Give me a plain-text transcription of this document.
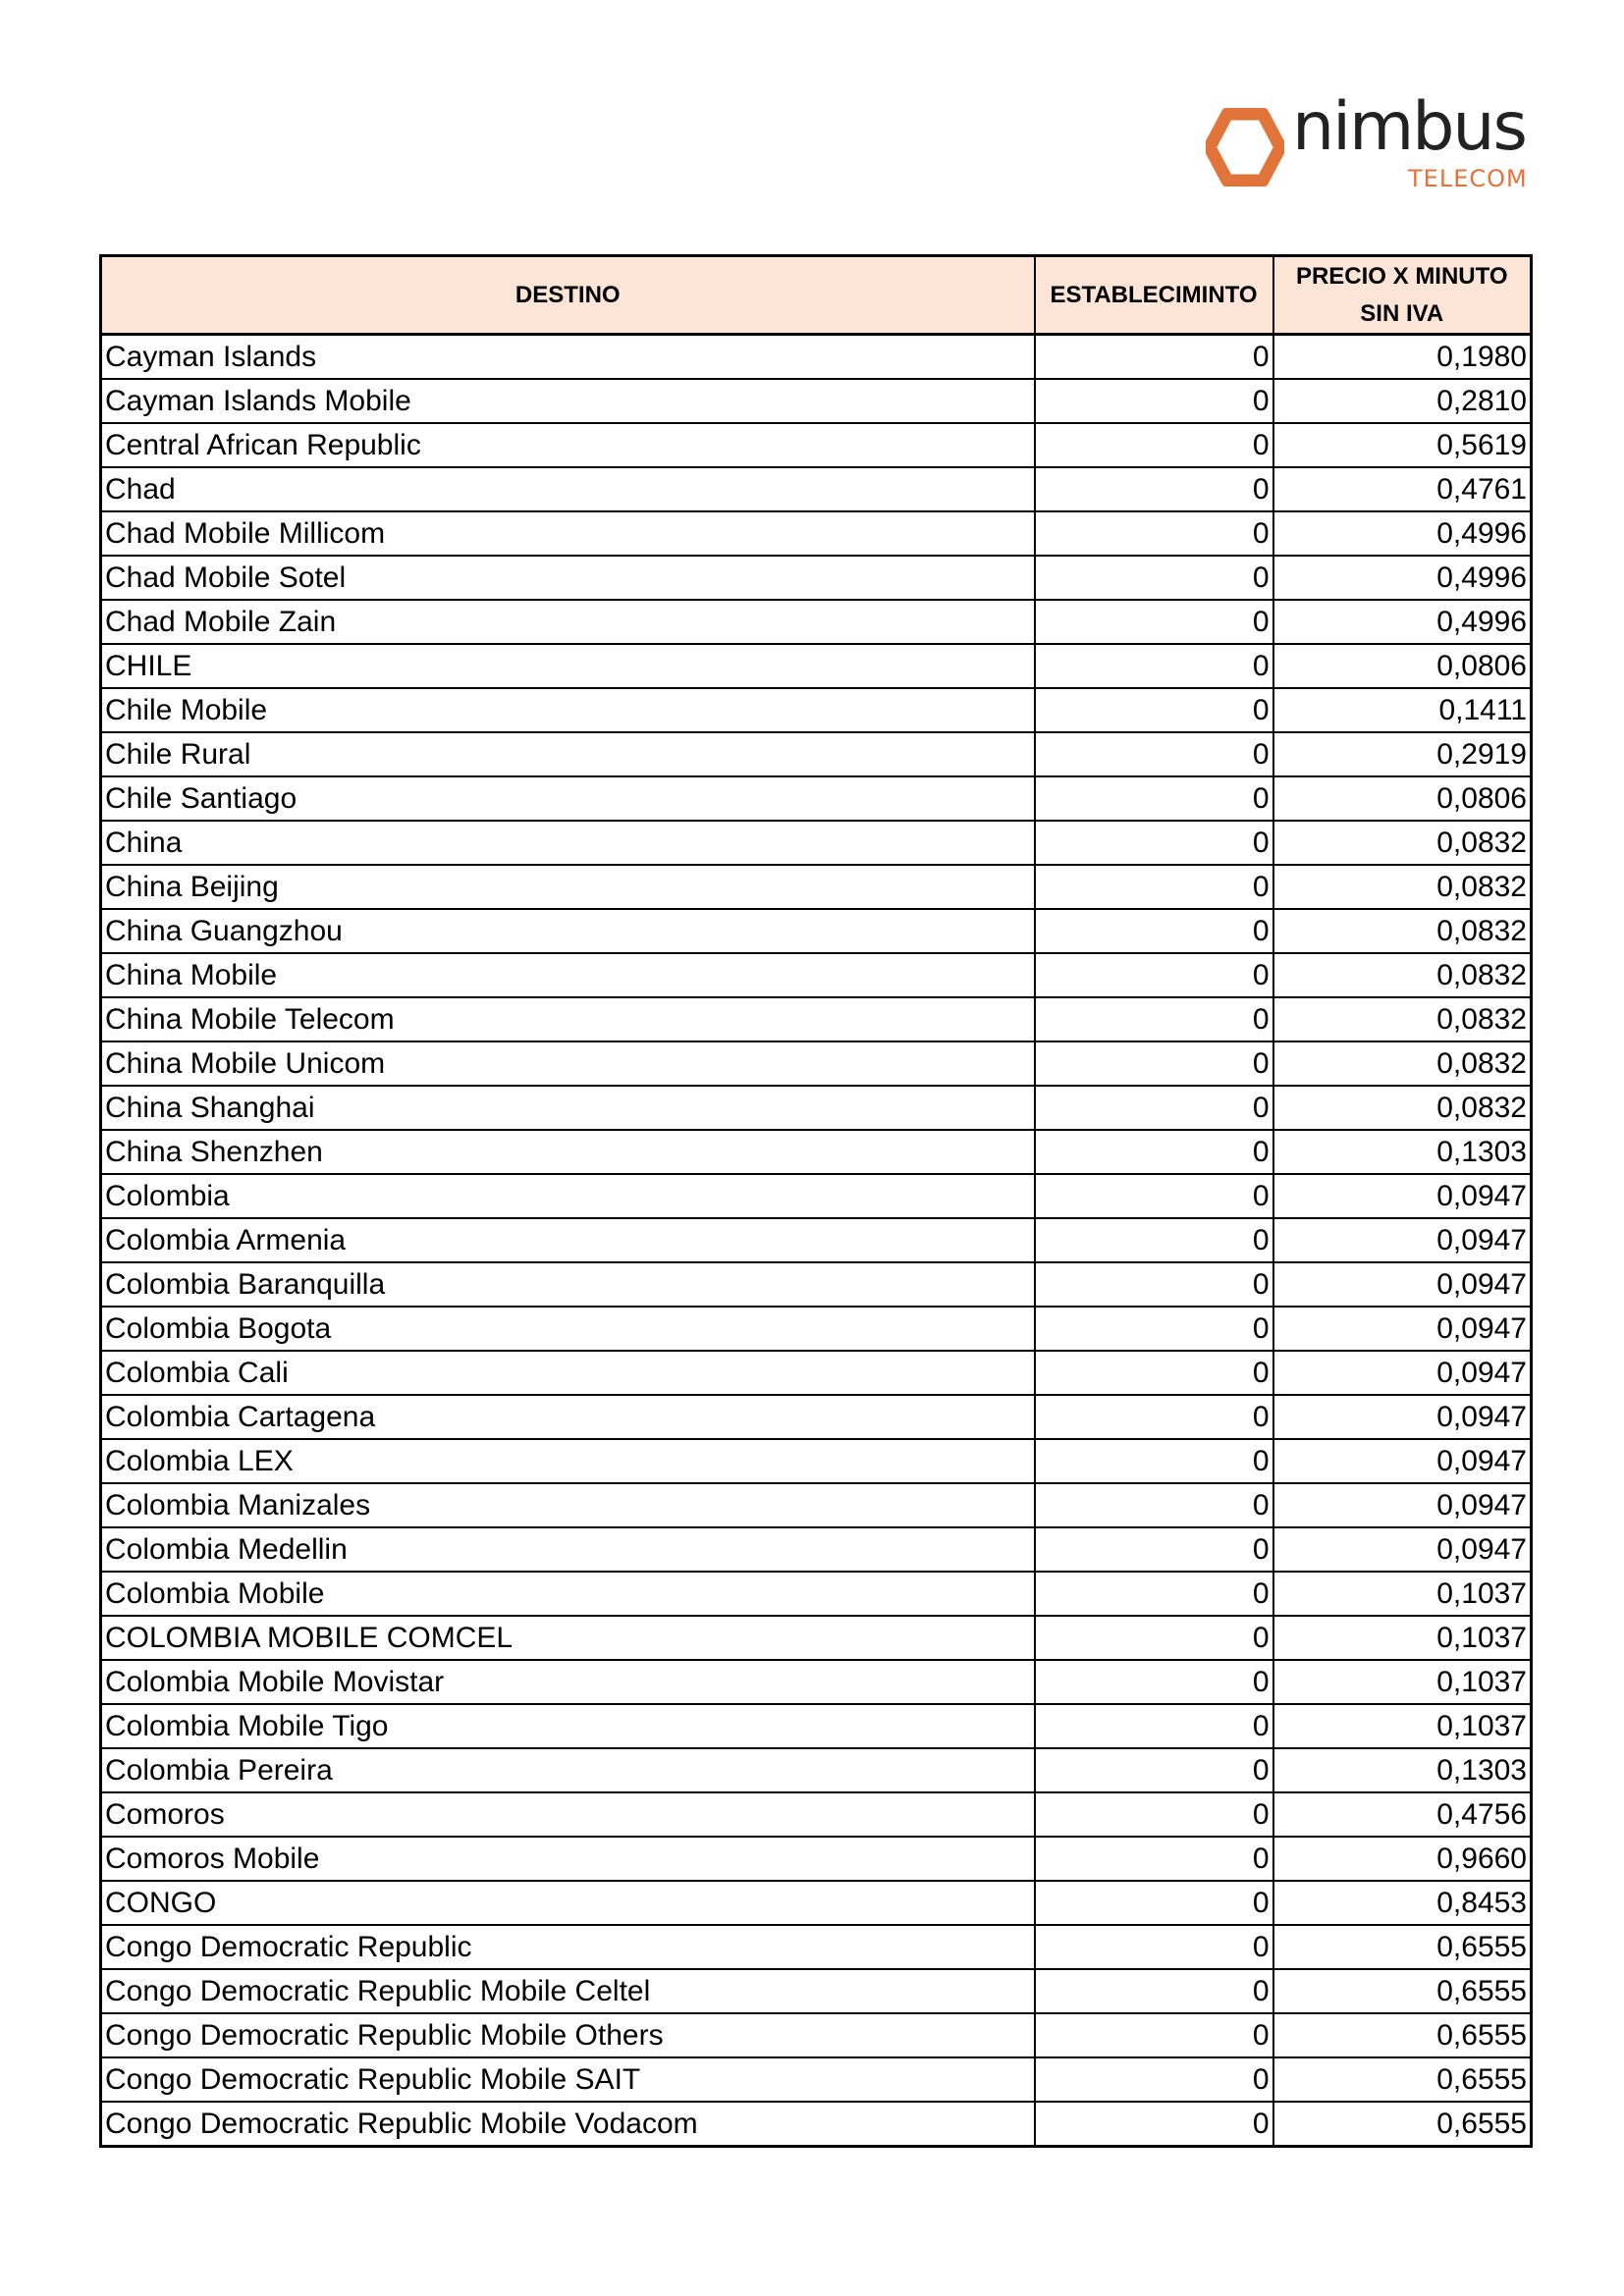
nimbus
TELECOM
DESTINO	ESTABLECIMINTO	PRECIO X MINUTO
SIN IVA
Cayman Islands	0	0,1980
Cayman Islands Mobile	0	0,2810
Central African Republic	0	0,5619
Chad	0	0,4761
Chad Mobile Millicom	0	0,4996
Chad Mobile Sotel	0	0,4996
Chad Mobile Zain	0	0,4996
CHILE	0	0,0806
Chile Mobile	0	0,1411
Chile Rural	0	0,2919
Chile Santiago	0	0,0806
China	0	0,0832
China Beijing	0	0,0832
China Guangzhou	0	0,0832
China Mobile	0	0,0832
China Mobile Telecom	0	0,0832
China Mobile Unicom	0	0,0832
China Shanghai	0	0,0832
China Shenzhen	0	0,1303
Colombia	0	0,0947
Colombia Armenia	0	0,0947
Colombia Baranquilla	0	0,0947
Colombia Bogota	0	0,0947
Colombia Cali	0	0,0947
Colombia Cartagena	0	0,0947
Colombia LEX	0	0,0947
Colombia Manizales	0	0,0947
Colombia Medellin	0	0,0947
Colombia Mobile	0	0,1037
COLOMBIA MOBILE COMCEL	0	0,1037
Colombia Mobile Movistar	0	0,1037
Colombia Mobile Tigo	0	0,1037
Colombia Pereira	0	0,1303
Comoros	0	0,4756
Comoros Mobile	0	0,9660
CONGO	0	0,8453
Congo Democratic Republic	0	0,6555
Congo Democratic Republic Mobile Celtel	0	0,6555
Congo Democratic Republic Mobile Others	0	0,6555
Congo Democratic Republic Mobile SAIT	0	0,6555
Congo Democratic Republic Mobile Vodacom	0	0,6555
